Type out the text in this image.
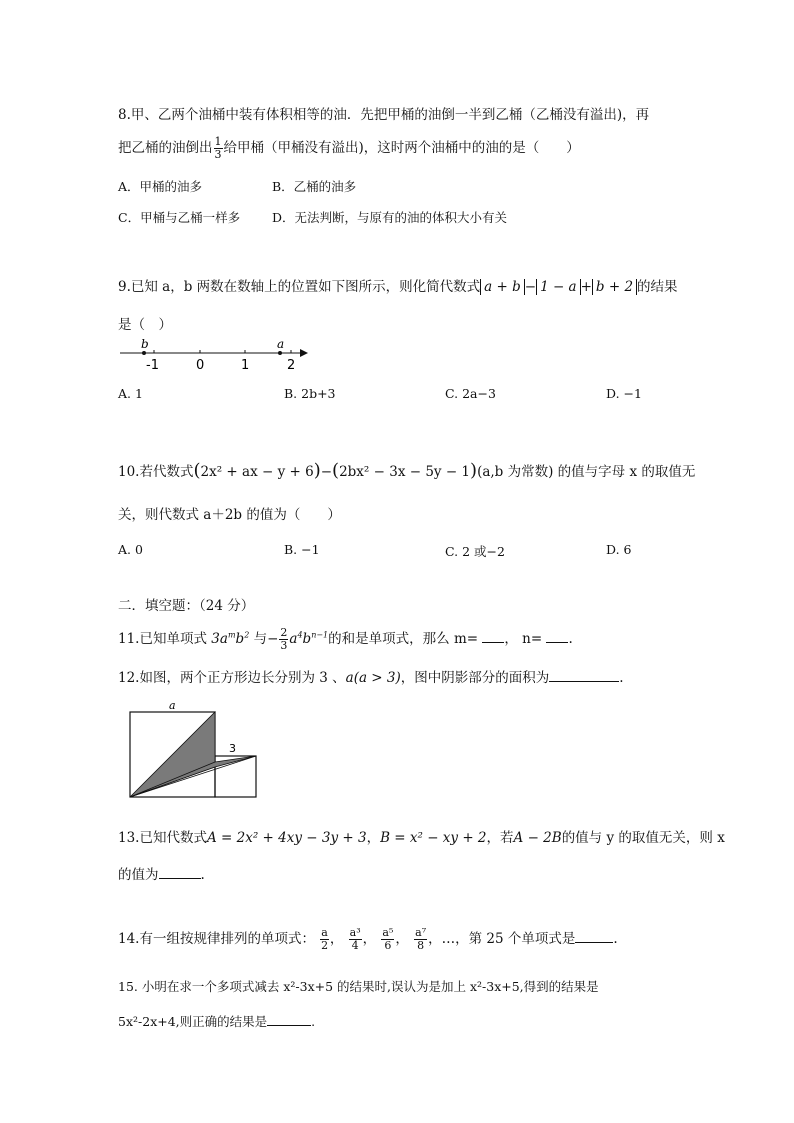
8.甲、乙两个油桶中装有体积相等的油．先把甲桶的油倒一半到乙桶（乙桶没有溢出)，再
把乙桶的油倒出 $\frac{1}{3}$ 给甲桶（甲桶没有溢出)，这时两个油桶中的油的是（　　）
A．甲桶的油多	B．乙桶的油多
C．甲桶与乙桶一样多	D．无法判断，与原有的油的体积大小有关
9.已知 a，b 两数在数轴上的位置如下图所示，则化简代数式 a + b − 1 − a + b + 2 的结果
是（　）
b	a
-1	0	1	2
A. 1	B. 2b+3	C. 2a−3	D. −1
10.若代数式(2x² + ax − y + 6)−(2bx² − 3x − 5y − 1)(a,b 为常数) 的值与字母 x 的取值无
关，则代数式 a＋2b 的值为（　　）
A. 0	B. −1	C. 2 或−2	D. 6
二．填空题：（24 分）
11.已知单项式 $3a^mb^2$ 与− $\frac{2}{3} a^4b^{n-1}$的和是单项式，那么 m= ， n= .
12.如图，两个正方形边长分别为 3 、a(a > 3)，图中阴影部分的面积为	.
a
3
13.已知代数式A = 2x² + 4xy − 3y + 3，B = x² − xy + 2，若A − 2B的值与 y 的取值无关，则 x
的值为	.
14.有一组按规律排列的单项式： $\frac{a}{2}$ ， $\frac{\text{a³}}{4}$ ， $\frac{\text{a⁵}}{6}$ ， $\frac{\text{a⁷}}{8}$ ，…，第 25 个单项式是	.
15. 小明在求一个多项式减去 x²-3x+5 的结果时,误认为是加上 x²-3x+5,得到的结果是
5x²-2x+4,则正确的结果是	.
